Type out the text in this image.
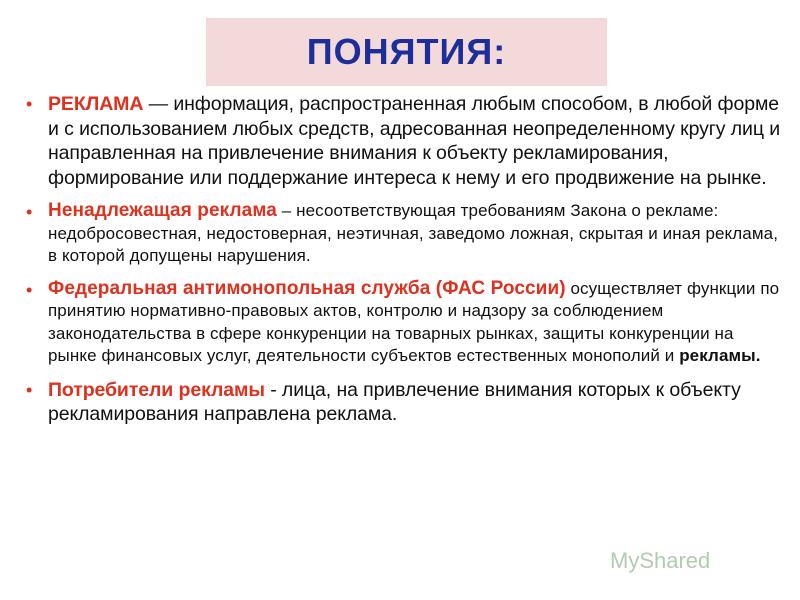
ПОНЯТИЯ:
• РЕКЛАМА — информация, распространенная любым способом, в любой форме и с использованием любых средств, адресованная неопределенному кругу лиц и направленная на привлечение внимания к объекту рекламирования, формирование или поддержание интереса к нему и его продвижение на рынке.
• Ненадлежащая реклама – несоответствующая требованиям Закона о рекламе: недобросовестная, недостоверная, неэтичная, заведомо ложная, скрытая и иная реклама, в которой допущены нарушения.
• Федеральная антимонопольная служба (ФАС России) осуществляет функции по принятию нормативно-правовых актов, контролю и надзору за соблюдением законодательства в сфере конкуренции на товарных рынках, защиты конкуренции на рынке финансовых услуг, деятельности субъектов естественных монополий и рекламы.
• Потребители рекламы - лица, на привлечение внимания которых к объекту рекламирования направлена реклама.
MyShared
